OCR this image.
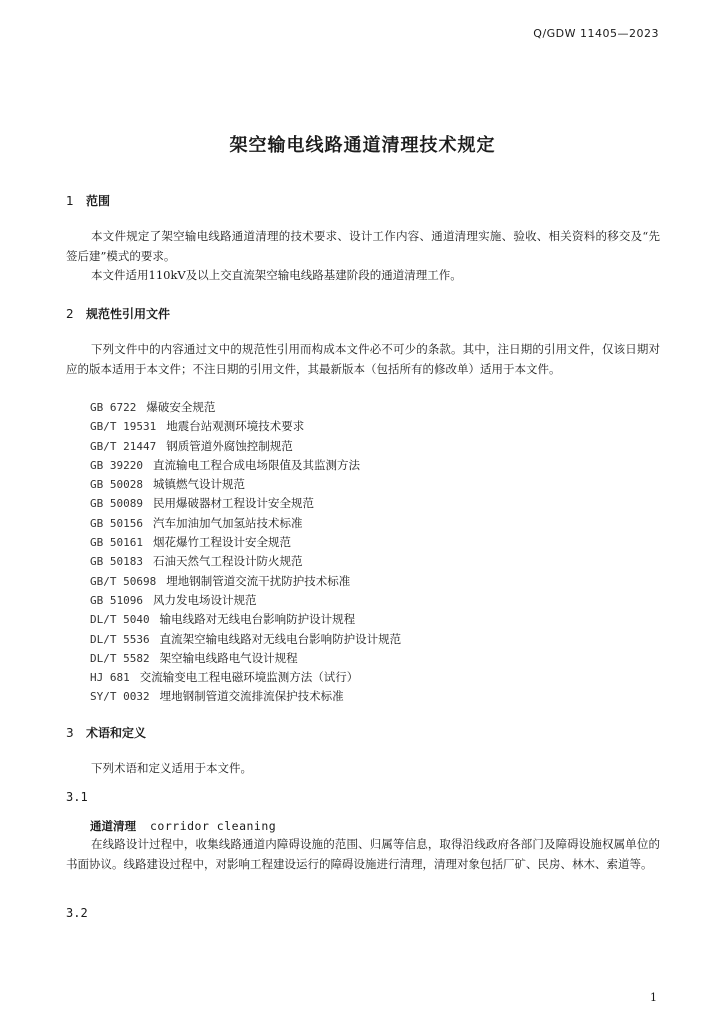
Q/GDW 11405—2023
架空输电线路通道清理技术规定
1 范围
本文件规定了架空输电线路通道清理的技术要求、设计工作内容、通道清理实施、验收、相关资料的移交及“先签后建”模式的要求。
本文件适用110kV及以上交直流架空输电线路基建阶段的通道清理工作。
2 规范性引用文件
下列文件中的内容通过文中的规范性引用而构成本文件必不可少的条款。其中，注日期的引用文件，仅该日期对应的版本适用于本文件；不注日期的引用文件，其最新版本（包括所有的修改单）适用于本文件。
GB 6722 爆破安全规范
GB/T 19531 地震台站观测环境技术要求
GB/T 21447 钢质管道外腐蚀控制规范
GB 39220 直流输电工程合成电场限值及其监测方法
GB 50028 城镇燃气设计规范
GB 50089 民用爆破器材工程设计安全规范
GB 50156 汽车加油加气加氢站技术标准
GB 50161 烟花爆竹工程设计安全规范
GB 50183 石油天然气工程设计防火规范
GB/T 50698 埋地钢制管道交流干扰防护技术标准
GB 51096 风力发电场设计规范
DL/T 5040 输电线路对无线电台影响防护设计规程
DL/T 5536 直流架空输电线路对无线电台影响防护设计规范
DL/T 5582 架空输电线路电气设计规程
HJ 681 交流输变电工程电磁环境监测方法（试行）
SY/T 0032 埋地钢制管道交流排流保护技术标准
3 术语和定义
下列术语和定义适用于本文件。
3.1
通道清理 corridor cleaning
在线路设计过程中，收集线路通道内障碍设施的范围、归属等信息，取得沿线政府各部门及障碍设施权属单位的书面协议。线路建设过程中，对影响工程建设运行的障碍设施进行清理，清理对象包括厂矿、民房、林木、索道等。
3.2
1
